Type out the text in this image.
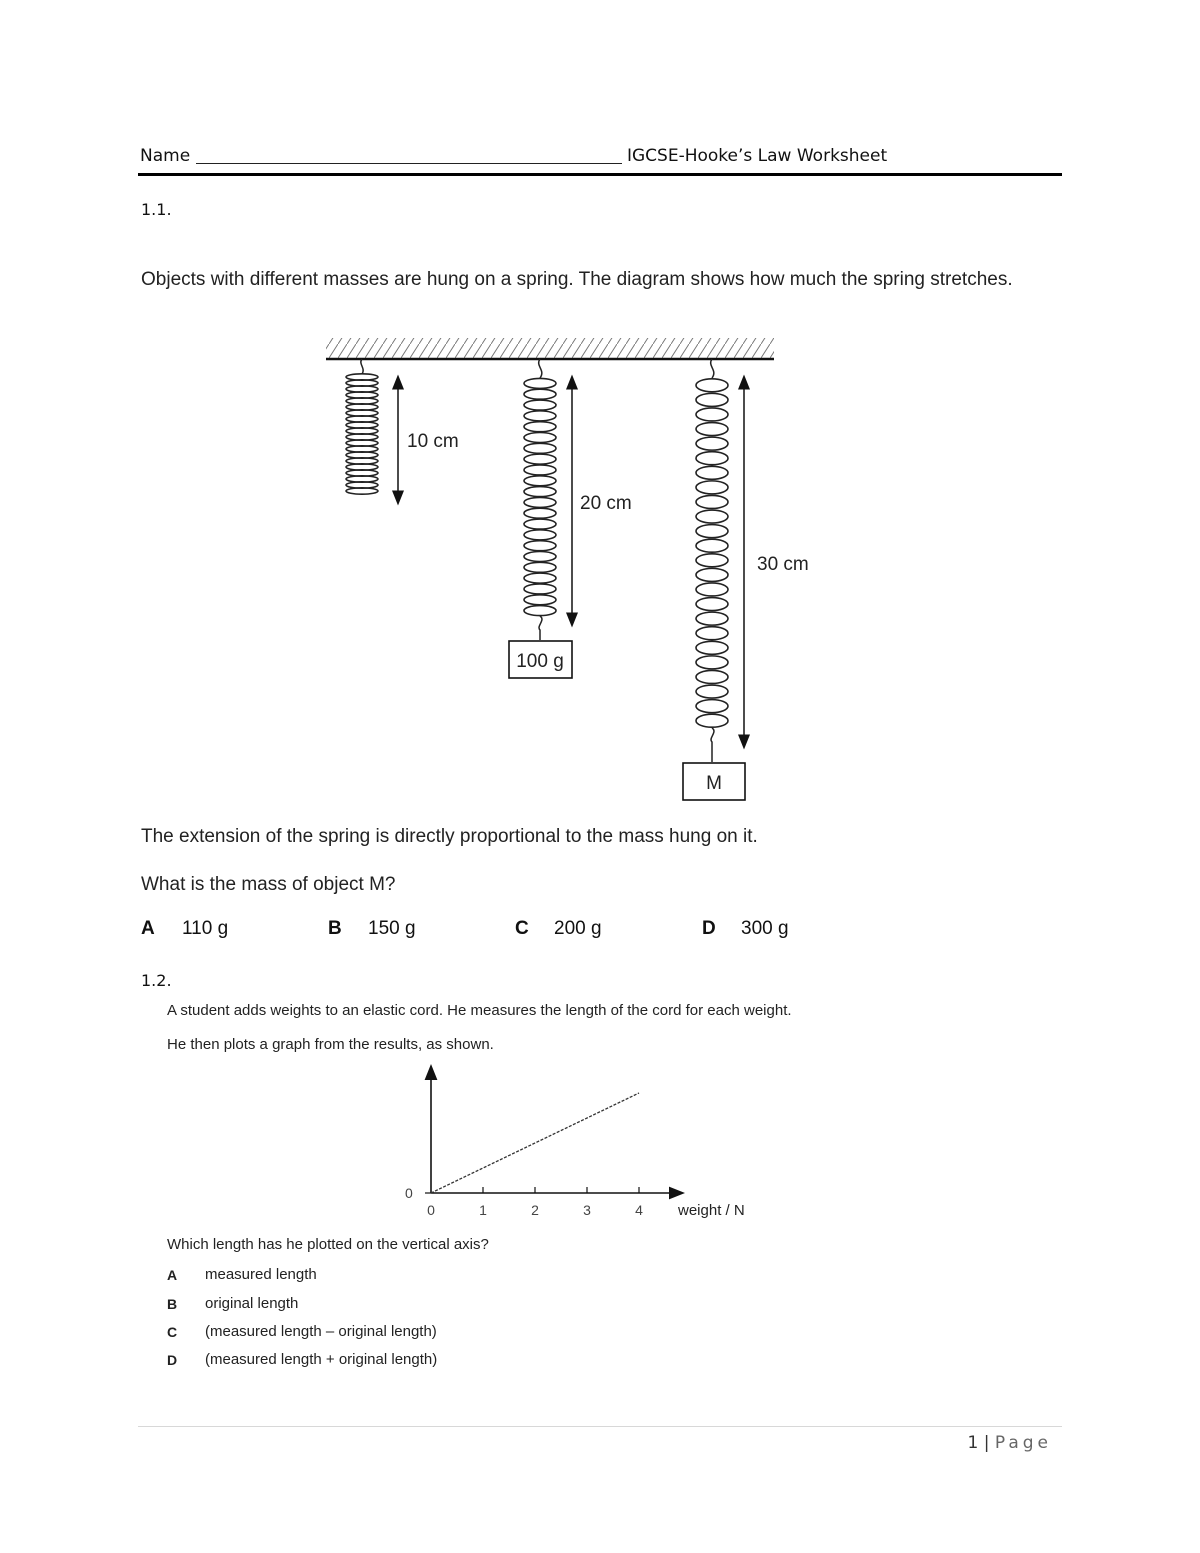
Name	IGCSE-Hooke’s Law Worksheet
1.1.
Objects with different masses are hung on a spring. The diagram shows how much the spring stretches.
10 cm
20 cm
30 cm
100 g
M
The extension of the spring is directly proportional to the mass hung on it.
What is the mass of object M?
A 110 g	B 150 g	C 200 g	D 300 g
1.2.
A student adds weights to an elastic cord. He measures the length of the cord for each weight.
He then plots a graph from the results, as shown.
0
0	1	2	3	4 weight / N
Which length has he plotted on the vertical axis?
A measured length
B original length
C (measured length – original length)
D (measured length + original length)
1 | Page
